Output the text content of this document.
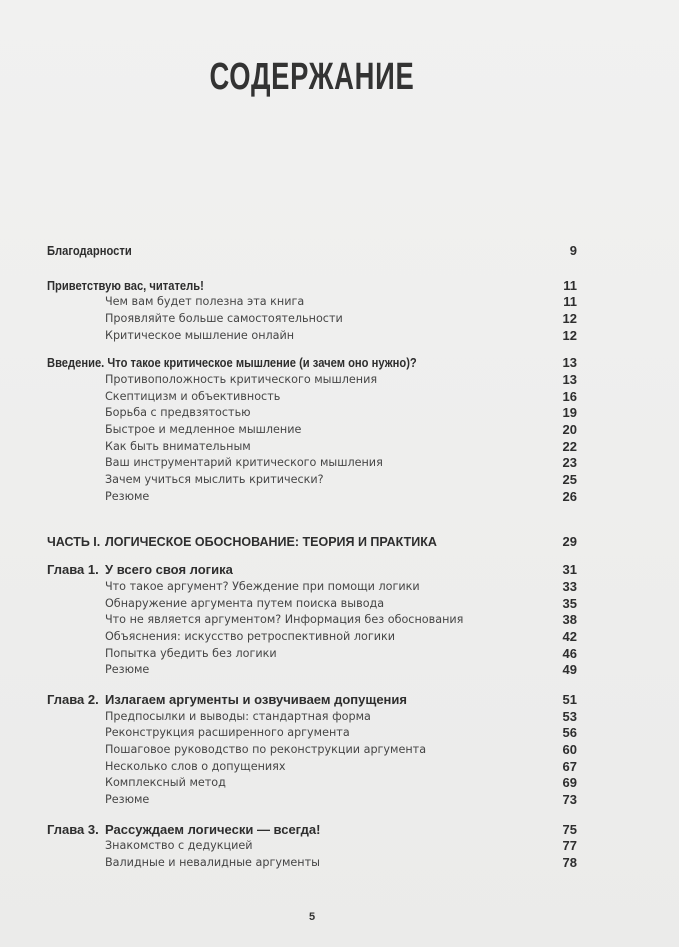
СОДЕРЖАНИЕ
Благодарности	9
Приветствую вас, читатель!	11
Чем вам будет полезна эта книга	11
Проявляйте больше самостоятельности	12
Критическое мышление онлайн	12
Введение. Что такое критическое мышление (и зачем оно нужно)?	13
Противоположность критического мышления	13
Скептицизм и объективность	16
Борьба с предвзятостью	19
Быстрое и медленное мышление	20
Как быть внимательным	22
Ваш инструментарий критического мышления	23
Зачем учиться мыслить критически?	25
Резюме	26
ЧАСТЬ I. ЛОГИЧЕСКОЕ ОБОСНОВАНИЕ: ТЕОРИЯ И ПРАКТИКА	29
Глава 1. У всего своя логика	31
Что такое аргумент? Убеждение при помощи логики	33
Обнаружение аргумента путем поиска вывода	35
Что не является аргументом? Информация без обоснования	38
Объяснения: искусство ретроспективной логики	42
Попытка убедить без логики	46
Резюме	49
Глава 2. Излагаем аргументы и озвучиваем допущения	51
Предпосылки и выводы: стандартная форма	53
Реконструкция расширенного аргумента	56
Пошаговое руководство по реконструкции аргумента	60
Несколько слов о допущениях	67
Комплексный метод	69
Резюме	73
Глава 3. Рассуждаем логически — всегда!	75
Знакомство с дедукцией	77
Валидные и невалидные аргументы	78
5
